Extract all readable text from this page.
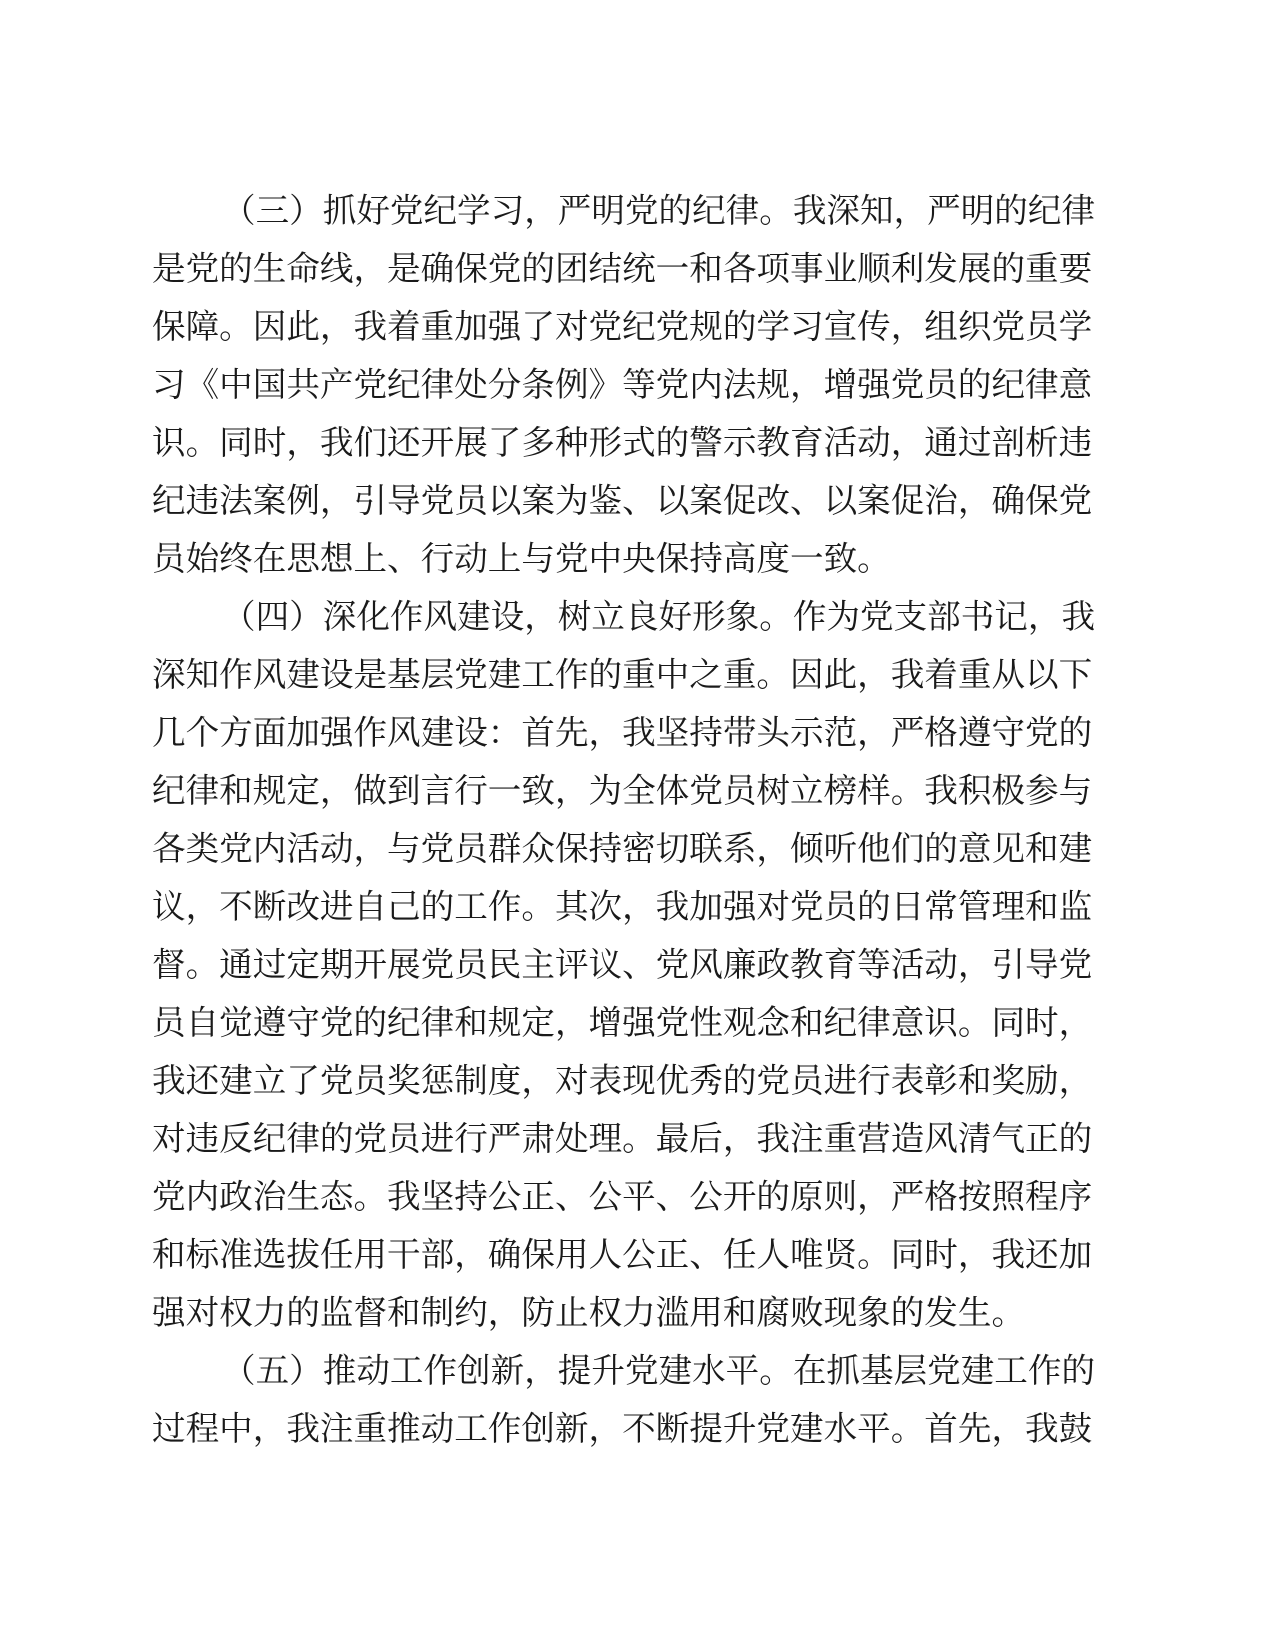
（三）抓好党纪学习，严明党的纪律。我深知，严明的纪律
是党的生命线，是确保党的团结统一和各项事业顺利发展的重要
保障。因此，我着重加强了对党纪党规的学习宣传，组织党员学
习《中国共产党纪律处分条例》等党内法规，增强党员的纪律意
识。同时，我们还开展了多种形式的警示教育活动，通过剖析违
纪违法案例，引导党员以案为鉴、以案促改、以案促治，确保党
员始终在思想上、行动上与党中央保持高度一致。
（四）深化作风建设，树立良好形象。作为党支部书记，我
深知作风建设是基层党建工作的重中之重。因此，我着重从以下
几个方面加强作风建设：首先，我坚持带头示范，严格遵守党的
纪律和规定，做到言行一致，为全体党员树立榜样。我积极参与
各类党内活动，与党员群众保持密切联系，倾听他们的意见和建
议，不断改进自己的工作。其次，我加强对党员的日常管理和监
督。通过定期开展党员民主评议、党风廉政教育等活动，引导党
员自觉遵守党的纪律和规定，增强党性观念和纪律意识。同时，
我还建立了党员奖惩制度，对表现优秀的党员进行表彰和奖励，
对违反纪律的党员进行严肃处理。最后，我注重营造风清气正的
党内政治生态。我坚持公正、公平、公开的原则，严格按照程序
和标准选拔任用干部，确保用人公正、任人唯贤。同时，我还加
强对权力的监督和制约，防止权力滥用和腐败现象的发生。
（五）推动工作创新，提升党建水平。在抓基层党建工作的
过程中，我注重推动工作创新，不断提升党建水平。首先，我鼓
